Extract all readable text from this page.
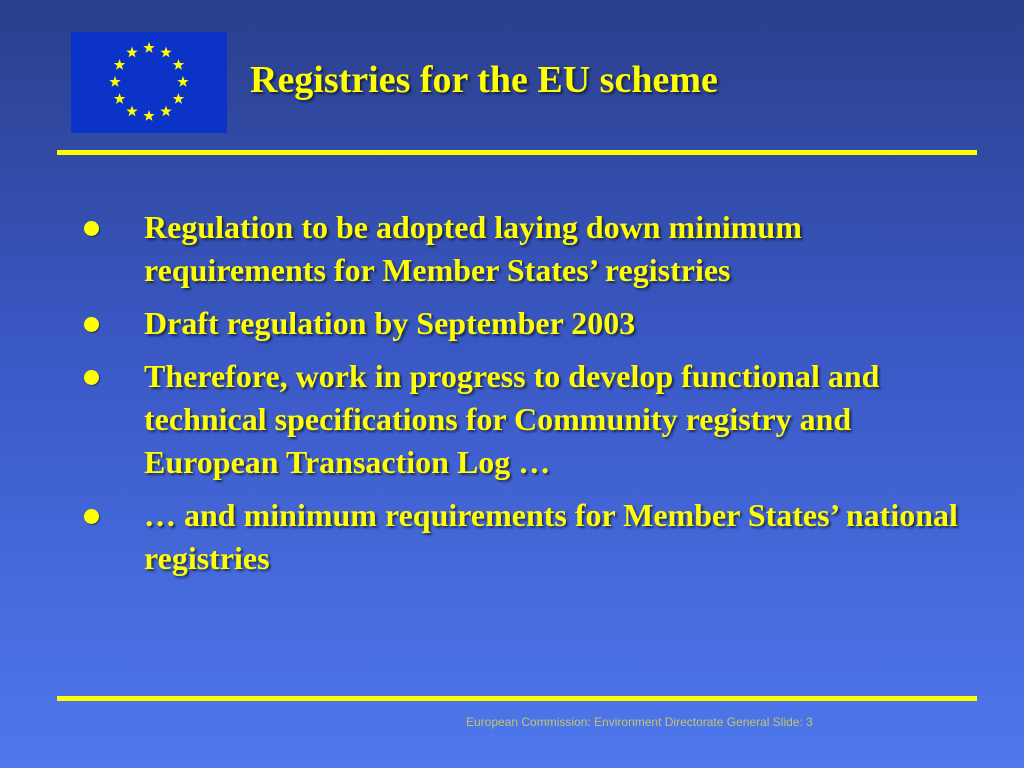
Registries for the EU scheme
Regulation to be adopted laying down minimum requirements for Member States’ registries
Draft regulation by September 2003
Therefore, work in progress to develop functional and technical specifications for Community registry and European Transaction Log …
… and minimum requirements for Member States’ national registries
European Commission: Environment Directorate General Slide: 3
